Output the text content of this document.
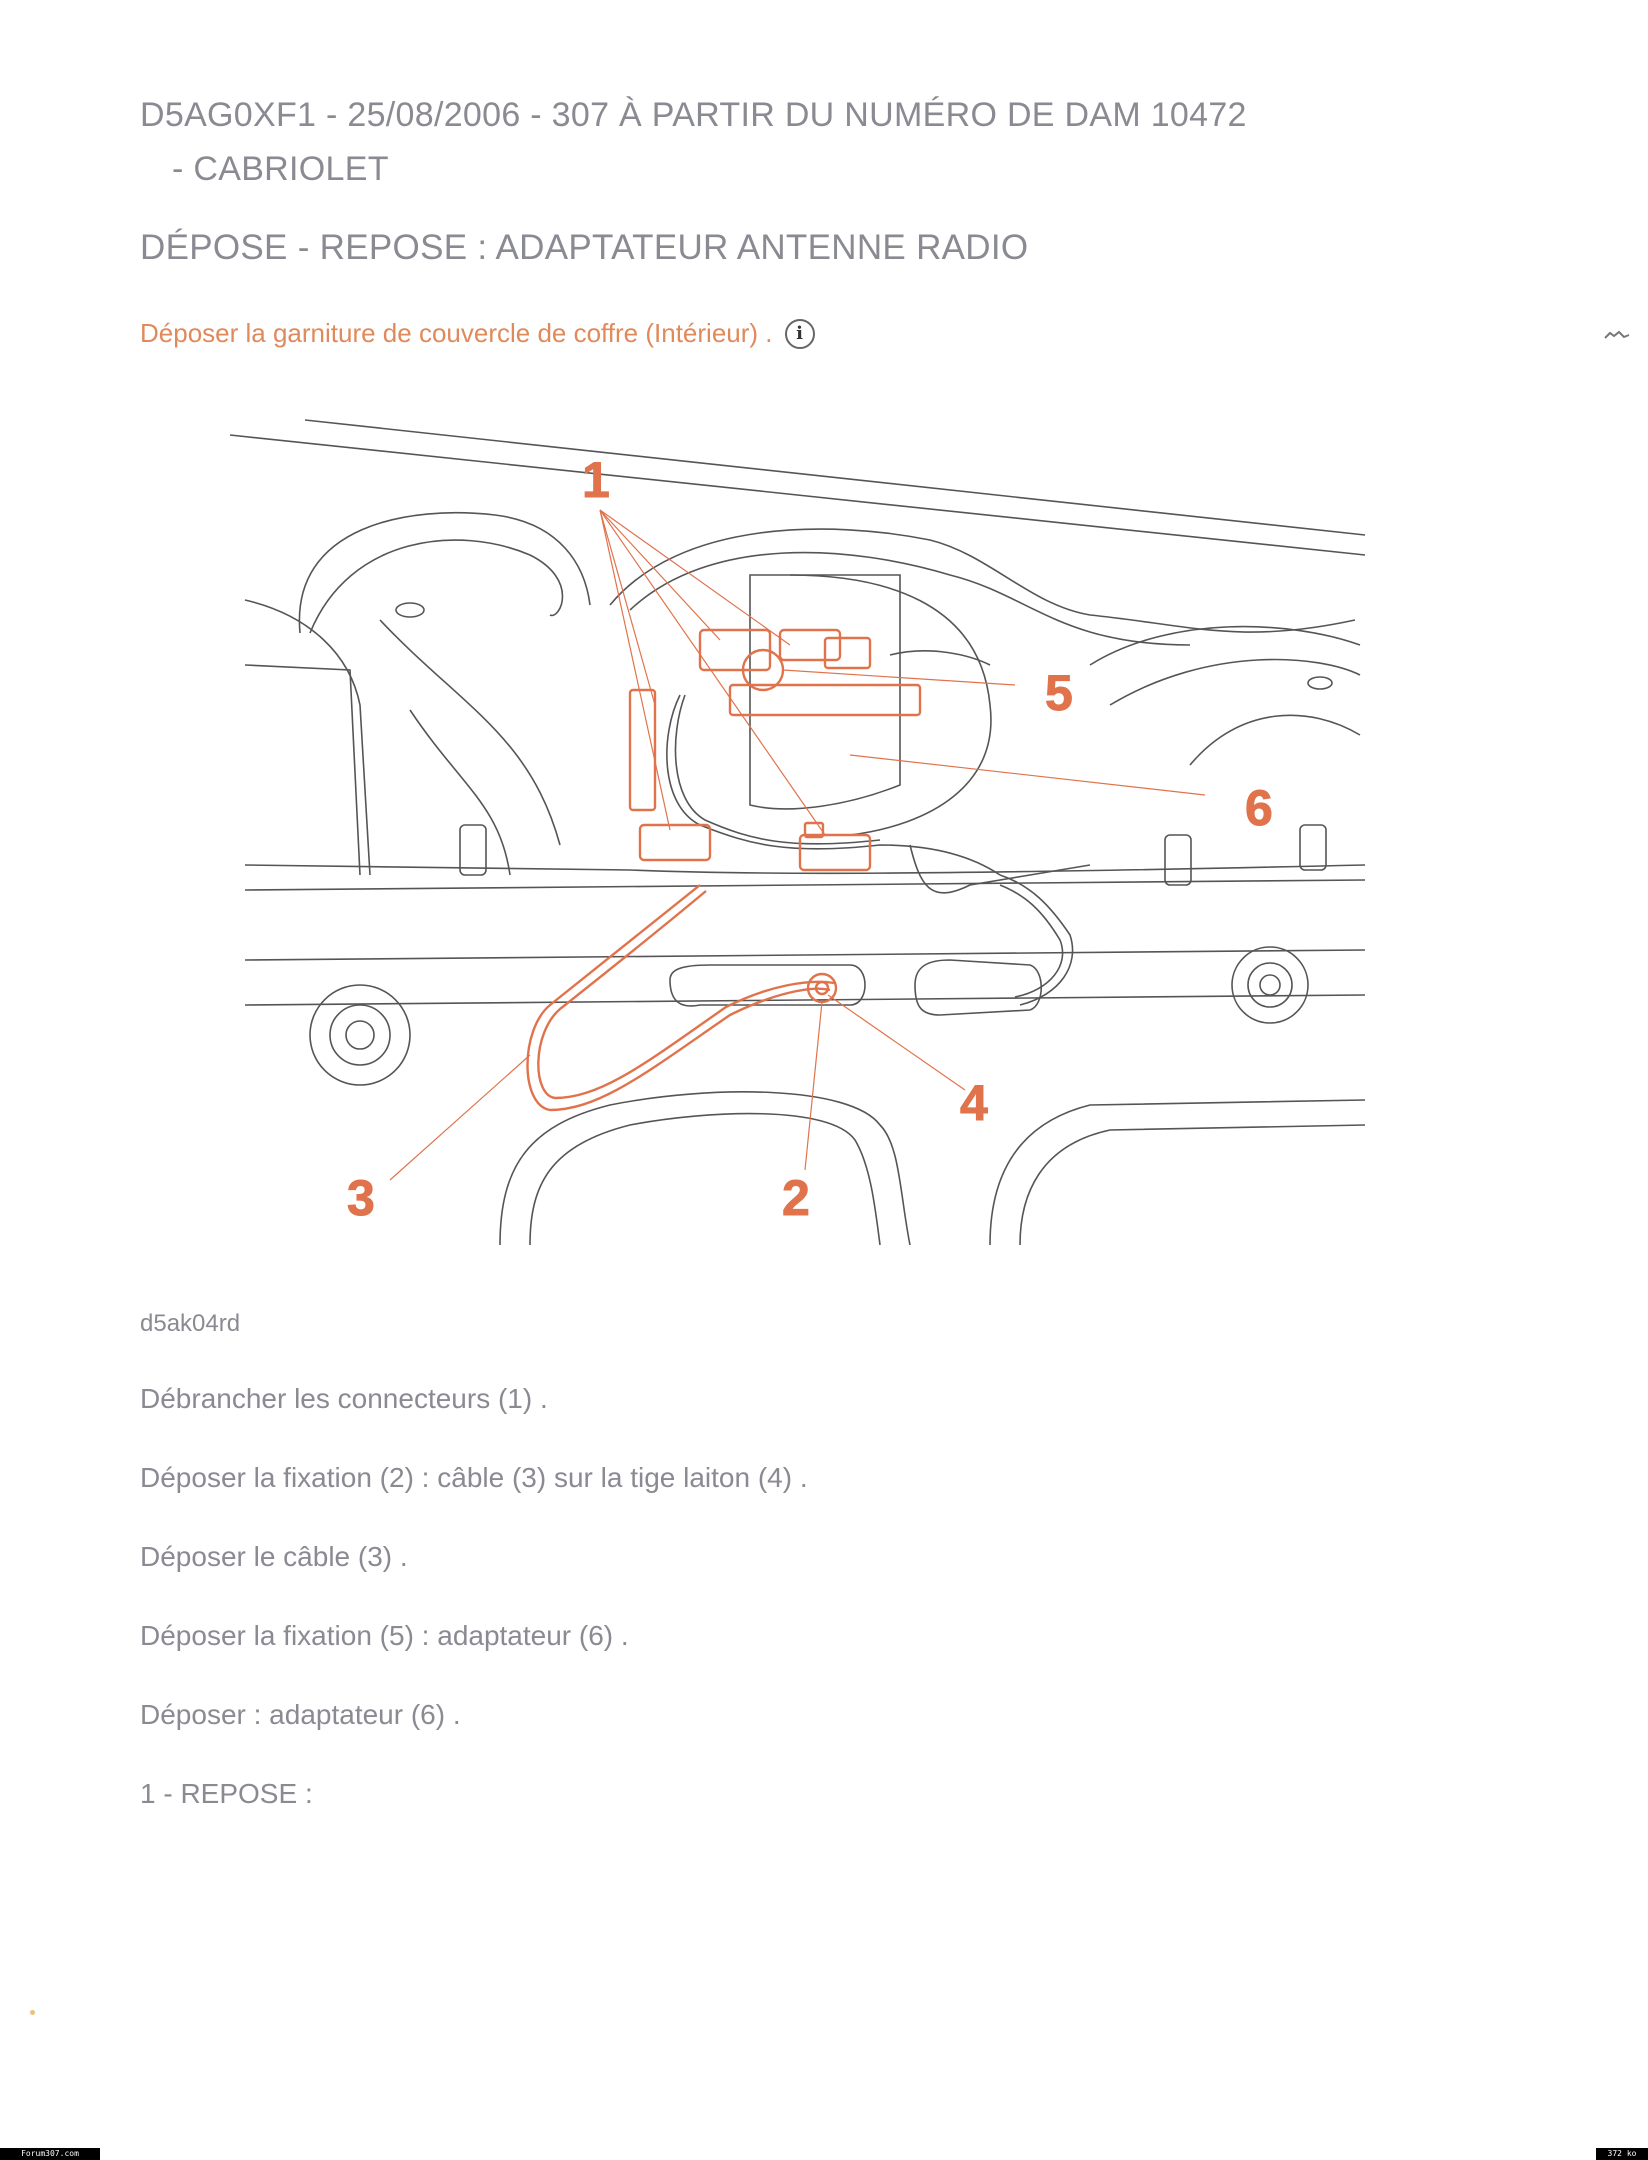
D5AG0XF1 - 25/08/2006 - 307 À PARTIR DU NUMÉRO DE DAM 10472
- CABRIOLET
DÉPOSE - REPOSE : ADAPTATEUR ANTENNE RADIO
Déposer la garniture de couvercle de coffre (Intérieur) .	i
1
5
6
4
2
3
d5ak04rd
Débrancher les connecteurs (1) .
Déposer la fixation (2) : câble (3) sur la tige laiton (4) .
Déposer le câble (3) .
Déposer la fixation (5) : adaptateur (6) .
Déposer : adaptateur (6) .
1 - REPOSE :
Forum307.com	372 ko
